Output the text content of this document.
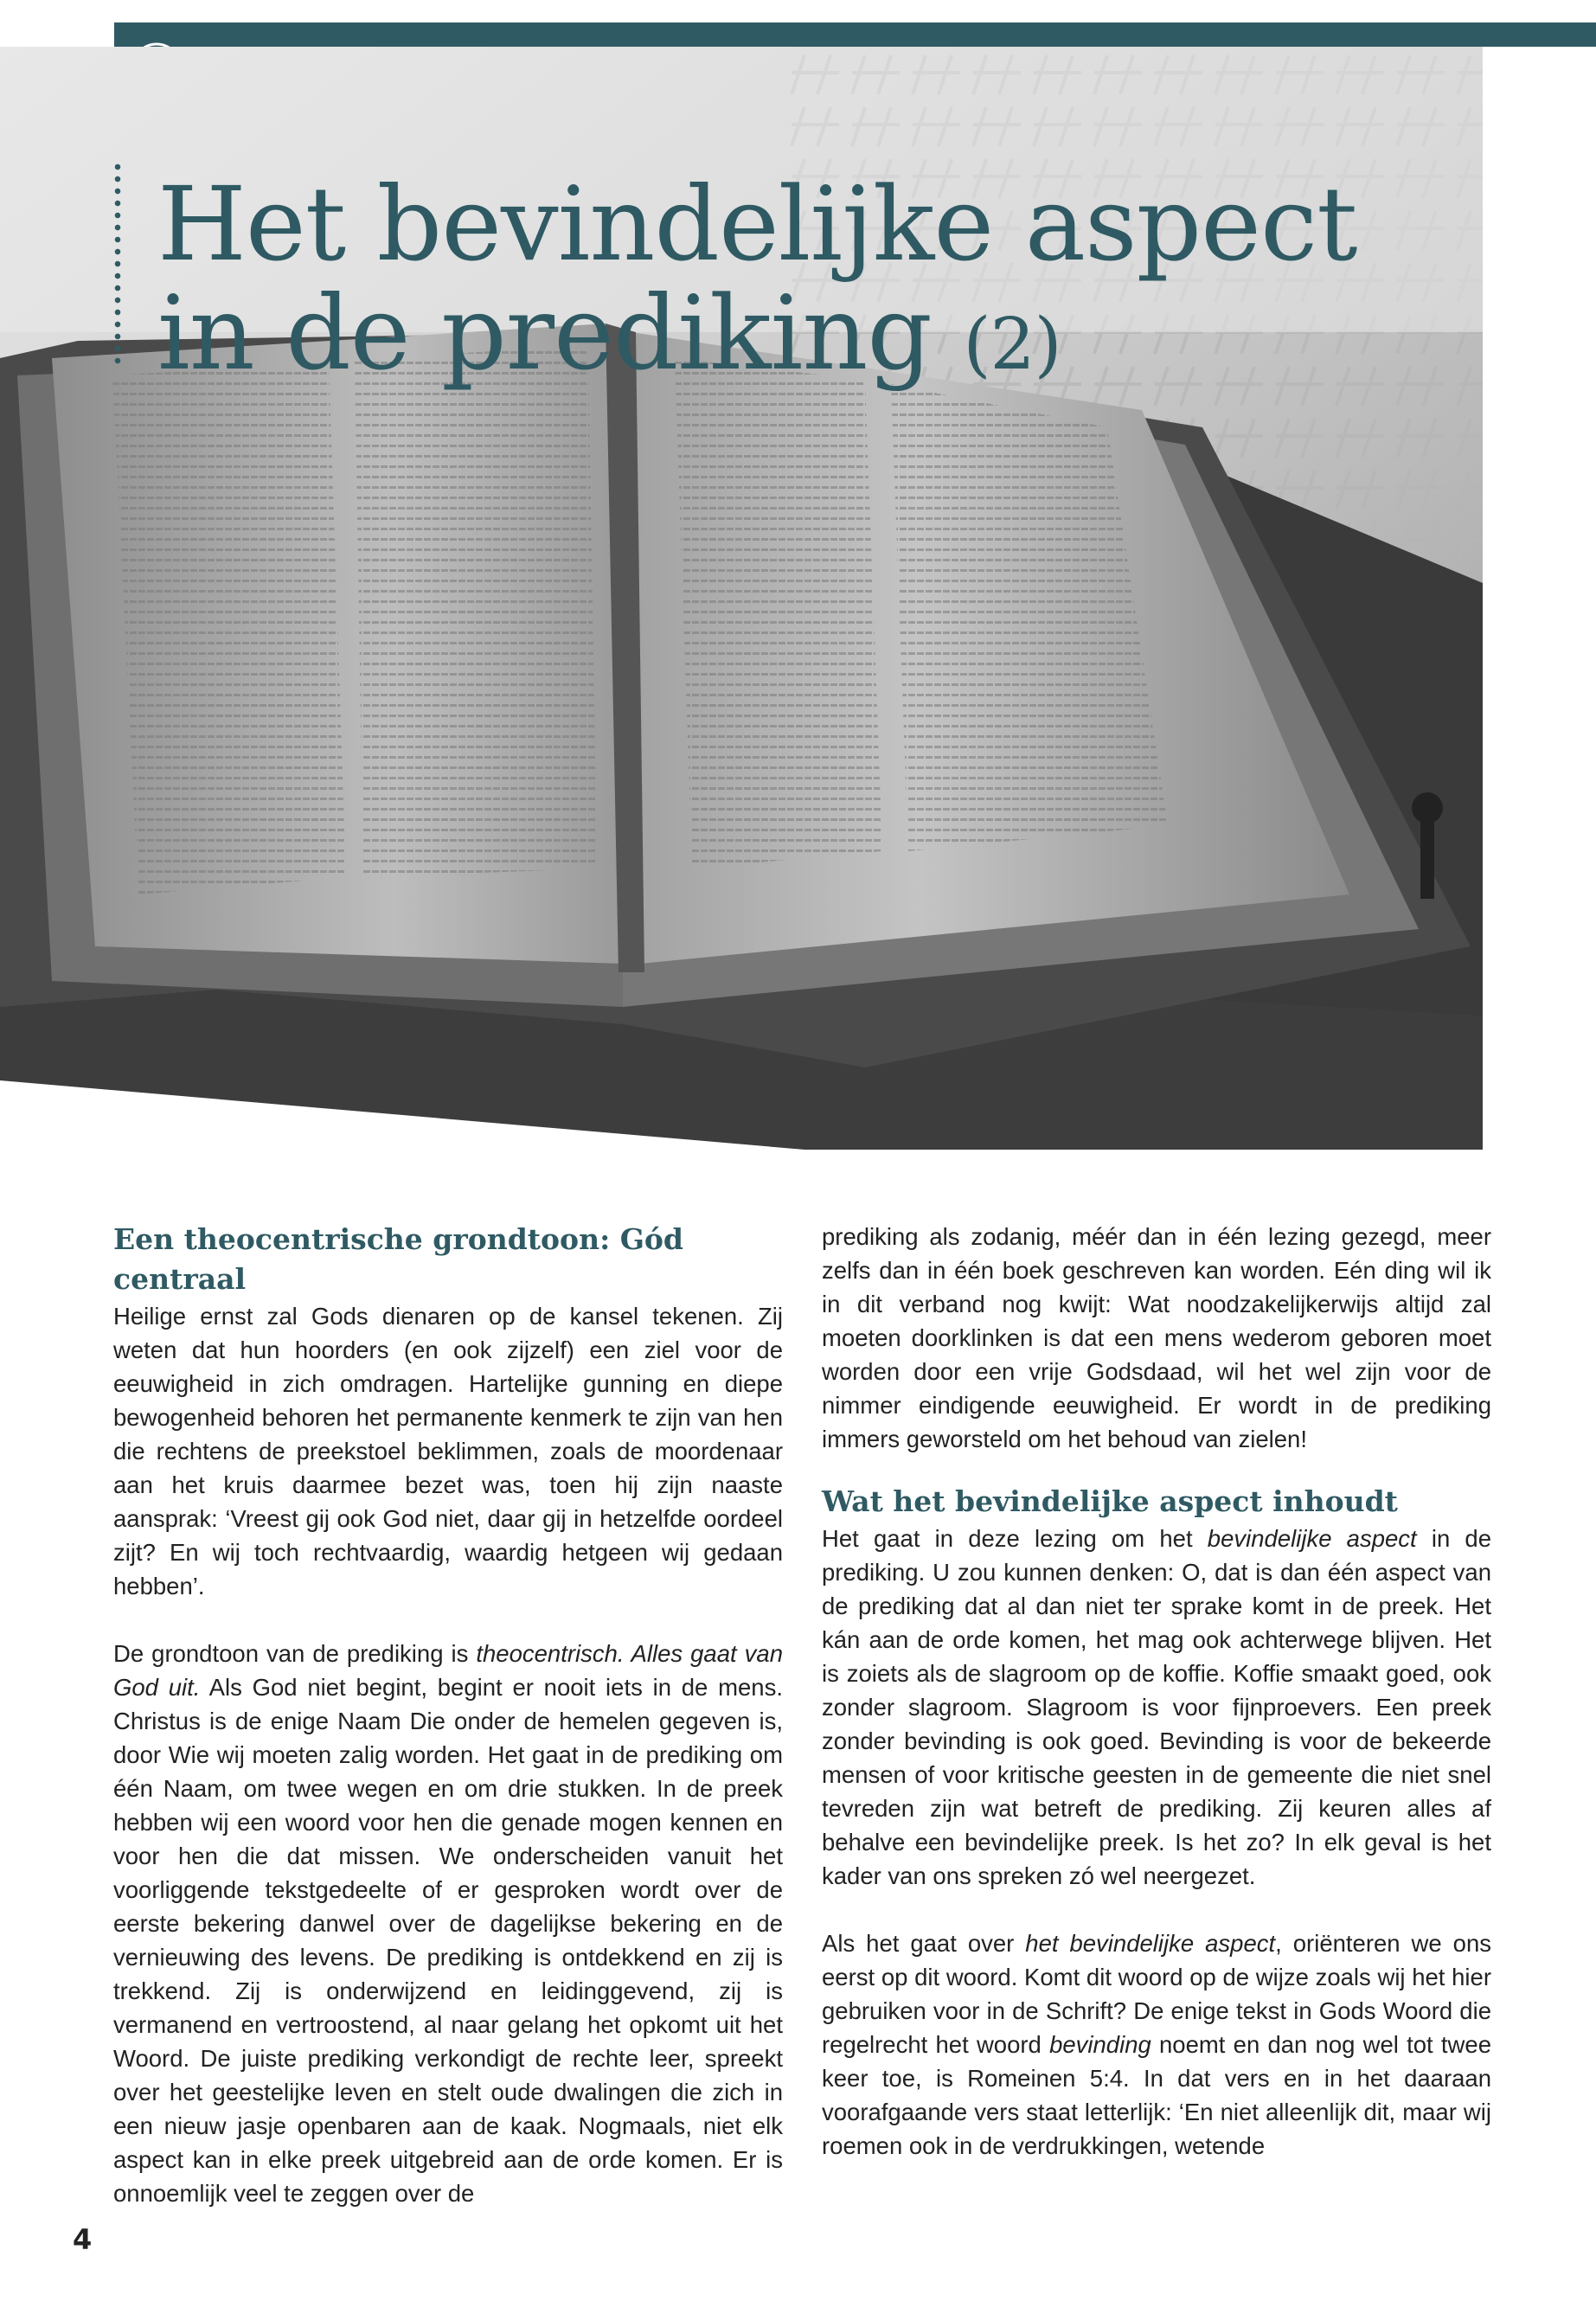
Het bevindelijke aspect
in de prediking (2)
Een theocentrische grondtoon: Gód centraal

Heilige ernst zal Gods dienaren op de kansel tekenen. Zij weten dat hun hoorders (en ook zijzelf) een ziel voor de eeuwigheid in zich omdragen. Hartelijke gunning en diepe bewogenheid behoren het permanente kenmerk te zijn van hen die rechtens de preekstoel beklimmen, zoals de moordenaar aan het kruis daarmee bezet was, toen hij zijn naaste aansprak: ‘Vreest gij ook God niet, daar gij in hetzelfde oordeel zijt? En wij toch rechtvaardig, waardig hetgeen wij gedaan hebben’.

De grondtoon van de prediking is theocentrisch. Alles gaat van God uit. Als God niet begint, begint er nooit iets in de mens. Christus is de enige Naam Die onder de hemelen gegeven is, door Wie wij moeten zalig worden. Het gaat in de prediking om één Naam, om twee wegen en om drie stukken. In de preek hebben wij een woord voor hen die genade mogen kennen en voor hen die dat missen. We onderscheiden vanuit het voorliggende tekstgedeelte of er gesproken wordt over de eerste bekering danwel over de dagelijkse bekering en de vernieuwing des levens. De prediking is ontdekkend en zij is trekkend. Zij is onderwijzend en leidinggevend, zij is vermanend en vertroostend, al naar gelang het opkomt uit het Woord. De juiste prediking verkondigt de rechte leer, spreekt over het geestelijke leven en stelt oude dwalingen die zich in een nieuw jasje openbaren aan de kaak. Nogmaals, niet elk aspect kan in elke preek uitgebreid aan de orde komen. Er is onnoemlijk veel te zeggen over de

prediking als zodanig, méér dan in één lezing gezegd, meer zelfs dan in één boek geschreven kan worden. Eén ding wil ik in dit verband nog kwijt: Wat noodzakelijkerwijs altijd zal moeten doorklinken is dat een mens wederom geboren moet worden door een vrije Godsdaad, wil het wel zijn voor de nimmer eindigende eeuwigheid. Er wordt in de prediking immers geworsteld om het behoud van zielen!

Wat het bevindelijke aspect inhoudt

Het gaat in deze lezing om het bevindelijke aspect in de prediking. U zou kunnen denken: O, dat is dan één aspect van de prediking dat al dan niet ter sprake komt in de preek. Het kán aan de orde komen, het mag ook achterwege blijven. Het is zoiets als de slagroom op de koffie. Koffie smaakt goed, ook zonder slagroom. Slagroom is voor fijnproevers. Een preek zonder bevinding is ook goed. Bevinding is voor de bekeerde mensen of voor kritische geesten in de gemeente die niet snel tevreden zijn wat betreft de prediking. Zij keuren alles af behalve een bevindelijke preek. Is het zo? In elk geval is het kader van ons spreken zó wel neergezet.

Als het gaat over het bevindelijke aspect, oriënteren we ons eerst op dit woord. Komt dit woord op de wijze zoals wij het hier gebruiken voor in de Schrift? De enige tekst in Gods Woord die regelrecht het woord bevinding noemt en dan nog wel tot twee keer toe, is Romeinen 5:4. In dat vers en in het daaraan voorafgaande vers staat letterlijk: ‘En niet alleenlijk dit, maar wij roemen ook in de verdrukkingen, wetende

4
